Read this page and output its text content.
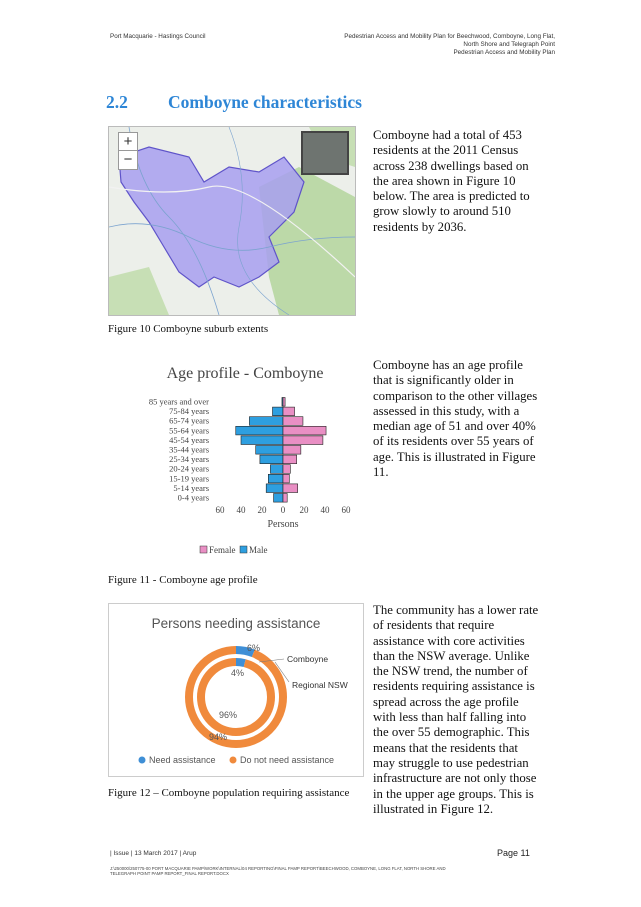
Port Macquarie - Hastings Council	Pedestrian Access and Mobility Plan for Beechwood, Comboyne, Long Flat,
North Shore and Telegraph Point
Pedestrian Access and Mobility Plan
2.2 Comboyne characteristics
+
−
Comboyne had a total of 453 residents at the 2011 Census across 238 dwellings based on the area shown in Figure 10 below. The area is predicted to grow slowly to around 510 residents by 2036.
Figure 10 Comboyne suburb extents
Age profile - Comboyne
85 years and over
75-84 years
65-74 years
55-64 years
45-54 years
35-44 years
25-34 years
20-24 years
15-19 years
5-14 years
0-4 years
60 40 20 0 20 40 60
Persons
Female Male
Comboyne has an age profile that is significantly older in comparison to the other villages assessed in this study, with a median age of 51 and over 40% of its residents over 55 years of age. This is illustrated in Figure 11.
Figure 11 - Comboyne age profile
Persons needing assistance
6%
4%
96%
94%
Comboyne
Regional NSW
Need assistance	Do not need assistance
The community has a lower rate of residents that require assistance with core activities than the NSW average. Unlike the NSW trend, the number of residents requiring assistance is spread across the age profile with less than half falling into the over 55 demographic. This means that the residents that may struggle to use pedestrian infrastructure are not only those in the upper age groups. This is illustrated in Figure 12.
Figure 12 – Comboyne population requiring assistance
| Issue | 13 March 2017 | Arup	Page 11
J:\250000\250775-00 PORT MACQUARIE PAMP\WORK\INTERNAL\04 REPORTING\FINAL PAMP REPORT\BEECHWOOD, COMBOYNE, LONG FLAT, NORTH SHORE AND TELEGRAPH POINT PAMP REPORT_FINAL REPORT.DOCX
